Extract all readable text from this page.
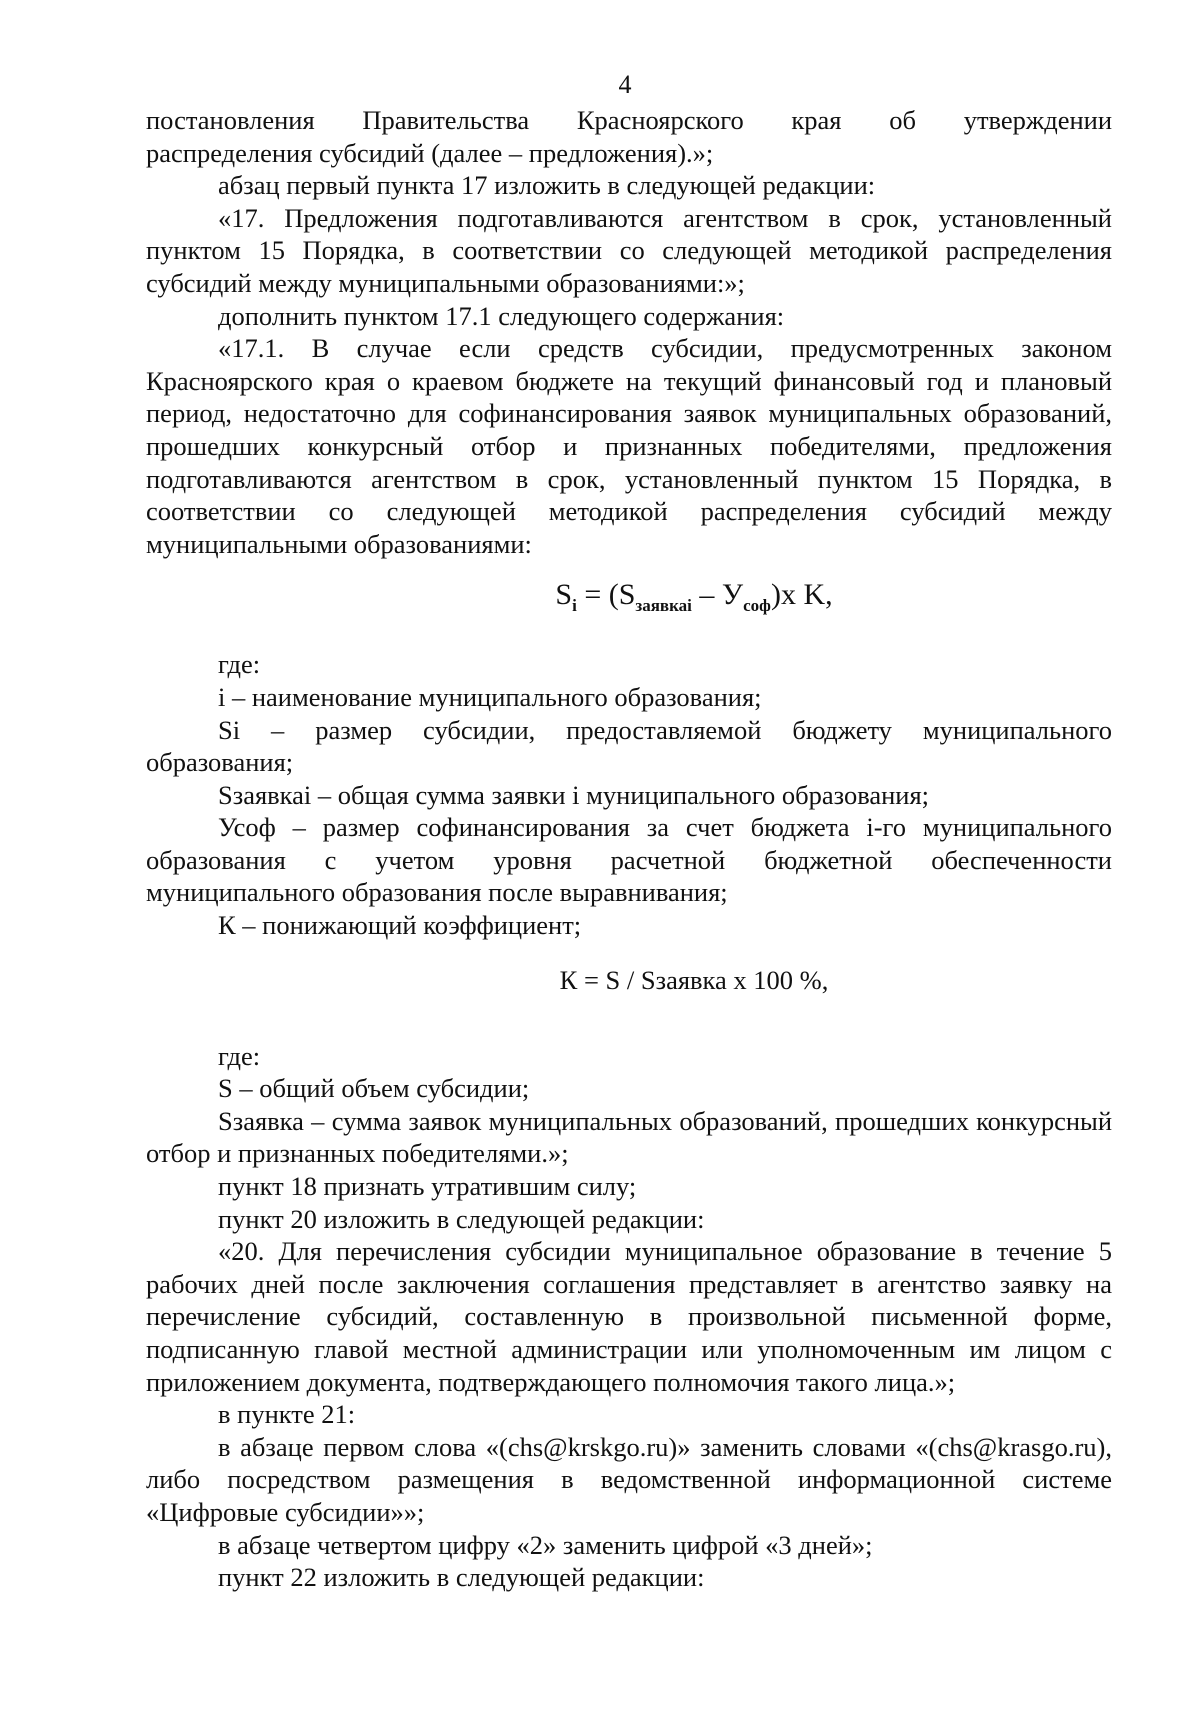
4

постановления Правительства Красноярского края об утверждении

распределения субсидий (далее – предложения).»;

абзац первый пункта 17 изложить в следующей редакции:

«17. Предложения подготавливаются агентством в срок, установленный пунктом 15 Порядка, в соответствии со следующей методикой распределения субсидий между муниципальными образованиями:»;

дополнить пунктом 17.1 следующего содержания:

«17.1. В случае если средств субсидии, предусмотренных законом Красноярского края о краевом бюджете на текущий финансовый год и плановый период, недостаточно для софинансирования заявок муниципальных образований, прошедших конкурсный отбор и признанных победителями, предложения подготавливаются агентством в срок, установленный пунктом 15 Порядка, в соответствии со следующей методикой распределения субсидий между муниципальными образованиями:

$S_i = (S_{заявкаi} - У_{соф})х$ K,

где:

i – наименование муниципального образования;

Si – размер субсидии, предоставляемой бюджету муниципального образования;

Sзаявкаi – общая сумма заявки i муниципального образования;

Усоф – размер софинансирования за счет бюджета i-го муниципального образования с учетом уровня расчетной бюджетной обеспеченности муниципального образования после выравнивания;

К – понижающий коэффициент;

К = S / Sзаявка х 100 %,

где:

S – общий объем субсидии;

Sзаявка – сумма заявок муниципальных образований, прошедших конкурсный отбор и признанных победителями.»;

пункт 18 признать утратившим силу;

пункт 20 изложить в следующей редакции:

«20. Для перечисления субсидии муниципальное образование в течение 5 рабочих дней после заключения соглашения представляет в агентство заявку на перечисление субсидий, составленную в произвольной письменной форме, подписанную главой местной администрации или уполномоченным им лицом с приложением документа, подтверждающего полномочия такого лица.»;

в пункте 21:

в абзаце первом слова «(chs@krskgo.ru)» заменить словами «(chs@krasgo.ru), либо посредством размещения в ведомственной информационной системе «Цифровые субсидии»»;

в абзаце четвертом цифру «2» заменить цифрой «3 дней»;

пункт 22 изложить в следующей редакции:
